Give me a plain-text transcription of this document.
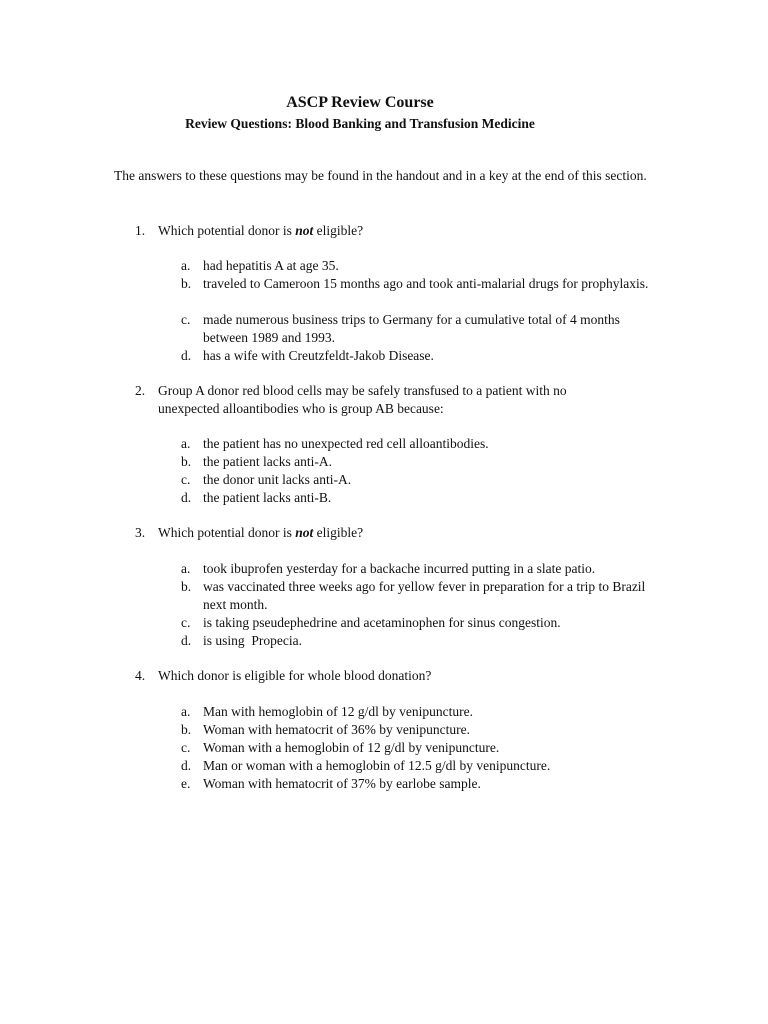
ASCP Review Course
Review Questions: Blood Banking and Transfusion Medicine
The answers to these questions may be found in the handout and in a key at the end of this section.
1. Which potential donor is not eligible?
a. had hepatitis A at age 35.
b. traveled to Cameroon 15 months ago and took anti-malarial drugs for prophylaxis.
c. made numerous business trips to Germany for a cumulative total of 4 months between 1989 and 1993.
d. has a wife with Creutzfeldt-Jakob Disease.
2. Group A donor red blood cells may be safely transfused to a patient with no unexpected alloantibodies who is group AB because:
a. the patient has no unexpected red cell alloantibodies.
b. the patient lacks anti-A.
c. the donor unit lacks anti-A.
d. the patient lacks anti-B.
3. Which potential donor is not eligible?
a. took ibuprofen yesterday for a backache incurred putting in a slate patio.
b. was vaccinated three weeks ago for yellow fever in preparation for a trip to Brazil next month.
c. is taking pseudephedrine and acetaminophen for sinus congestion.
d. is using  Propecia.
4. Which donor is eligible for whole blood donation?
a. Man with hemoglobin of 12 g/dl by venipuncture.
b. Woman with hematocrit of 36% by venipuncture.
c. Woman with a hemoglobin of 12 g/dl by venipuncture.
d. Man or woman with a hemoglobin of 12.5 g/dl by venipuncture.
e. Woman with hematocrit of 37% by earlobe sample.
